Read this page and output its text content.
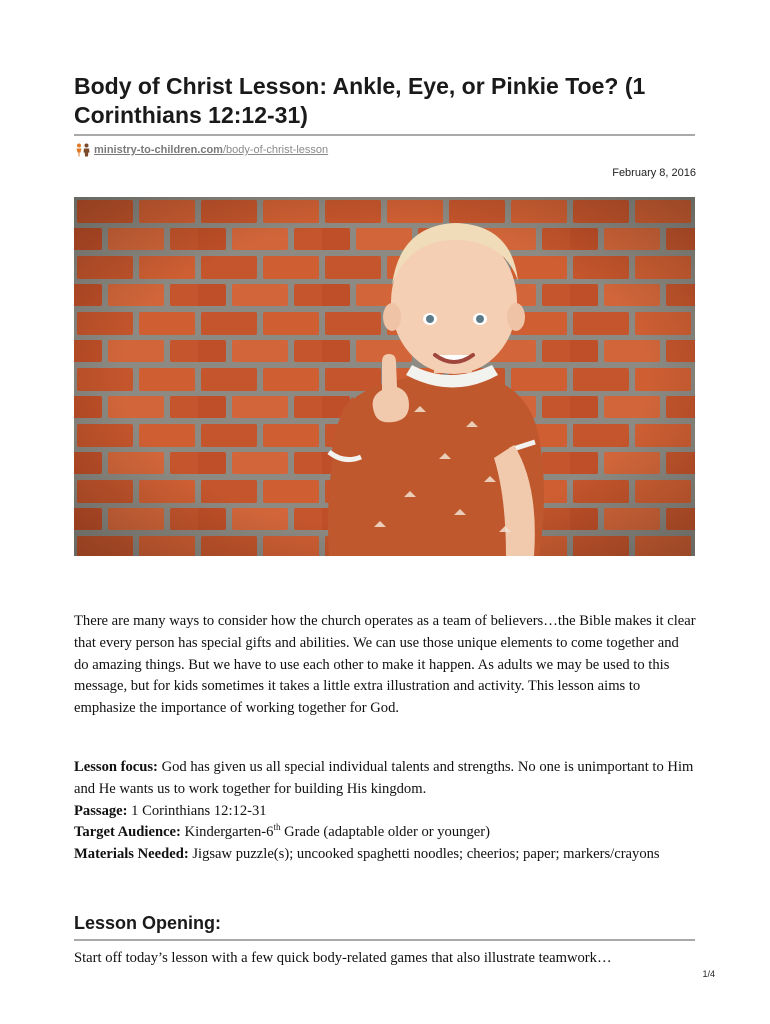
Body of Christ Lesson: Ankle, Eye, or Pinkie Toe? (1 Corinthians 12:12-31)
ministry-to-children.com /body-of-christ-lesson
February 8, 2016

There are many ways to consider how the church operates as a team of believers…the Bible makes it clear that every person has special gifts and abilities. We can use those unique elements to come together and do amazing things. But we have to use each other to make it happen. As adults we may be used to this message, but for kids sometimes it takes a little extra illustration and activity. This lesson aims to emphasize the importance of working together for God.

Lesson focus: God has given us all special individual talents and strengths. No one is unimportant to Him and He wants us to work together for building His kingdom.

Passage: 1 Corinthians 12:12-31

Target Audience: Kindergarten-6th Grade (adaptable older or younger)

Materials Needed: Jigsaw puzzle(s); uncooked spaghetti noodles; cheerios; paper; markers/crayons

Lesson Opening:

Start off today’s lesson with a few quick body-related games that also illustrate teamwork…

1/4
